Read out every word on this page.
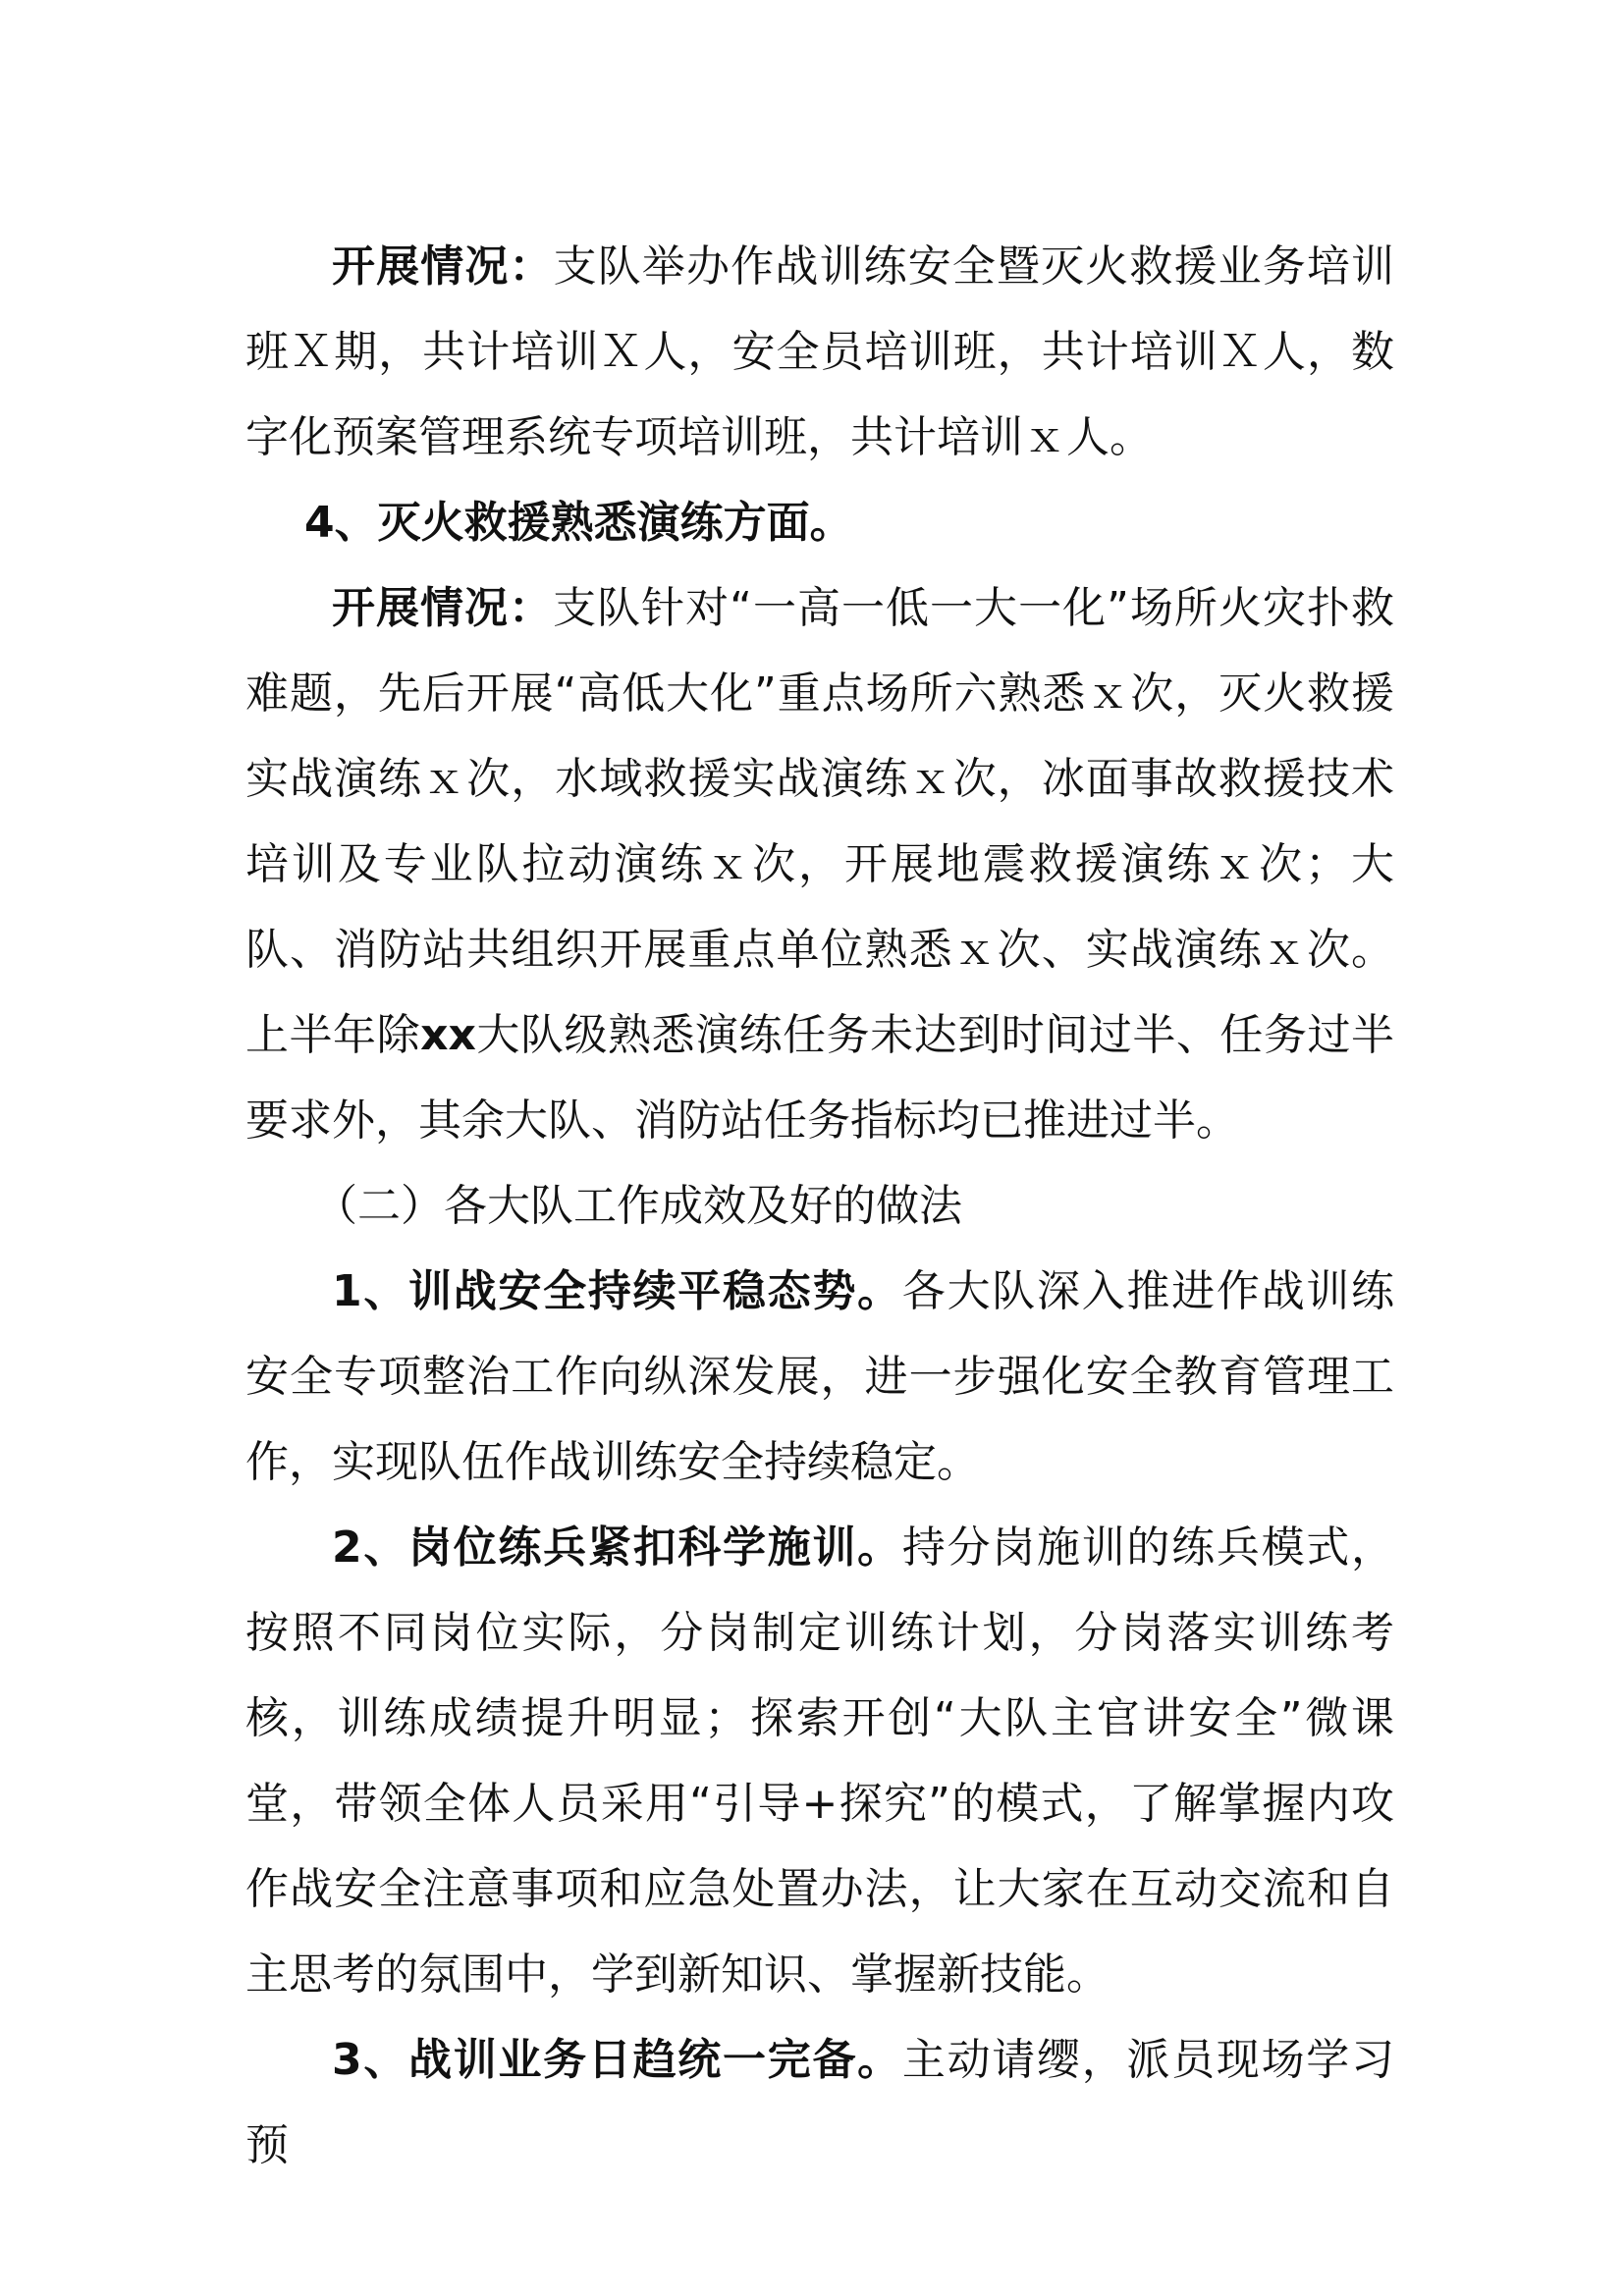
开展情况：支队举办作战训练安全暨灭火救援业务培训班Ｘ期，共计培训Ｘ人，安全员培训班，共计培训Ｘ人，数字化预案管理系统专项培训班，共计培训ｘ人。

4、灭火救援熟悉演练方面。

开展情况：支队针对“一高一低一大一化”场所火灾扑救难题，先后开展“高低大化”重点场所六熟悉ｘ次，灭火救援实战演练ｘ次，水域救援实战演练ｘ次，冰面事故救援技术培训及专业队拉动演练ｘ次，开展地震救援演练ｘ次；大队、消防站共组织开展重点单位熟悉ｘ次、实战演练ｘ次。上半年除xx大队级熟悉演练任务未达到时间过半、任务过半要求外，其余大队、消防站任务指标均已推进过半。

（二）各大队工作成效及好的做法

1、训战安全持续平稳态势。各大队深入推进作战训练安全专项整治工作向纵深发展，进一步强化安全教育管理工作，实现队伍作战训练安全持续稳定。

2、岗位练兵紧扣科学施训。持分岗施训的练兵模式，按照不同岗位实际，分岗制定训练计划，分岗落实训练考核，训练成绩提升明显；探索开创“大队主官讲安全”微课堂，带领全体人员采用“引导+探究”的模式，了解掌握内攻作战安全注意事项和应急处置办法，让大家在互动交流和自主思考的氛围中，学到新知识、掌握新技能。

3、战训业务日趋统一完备。主动请缨，派员现场学习预
